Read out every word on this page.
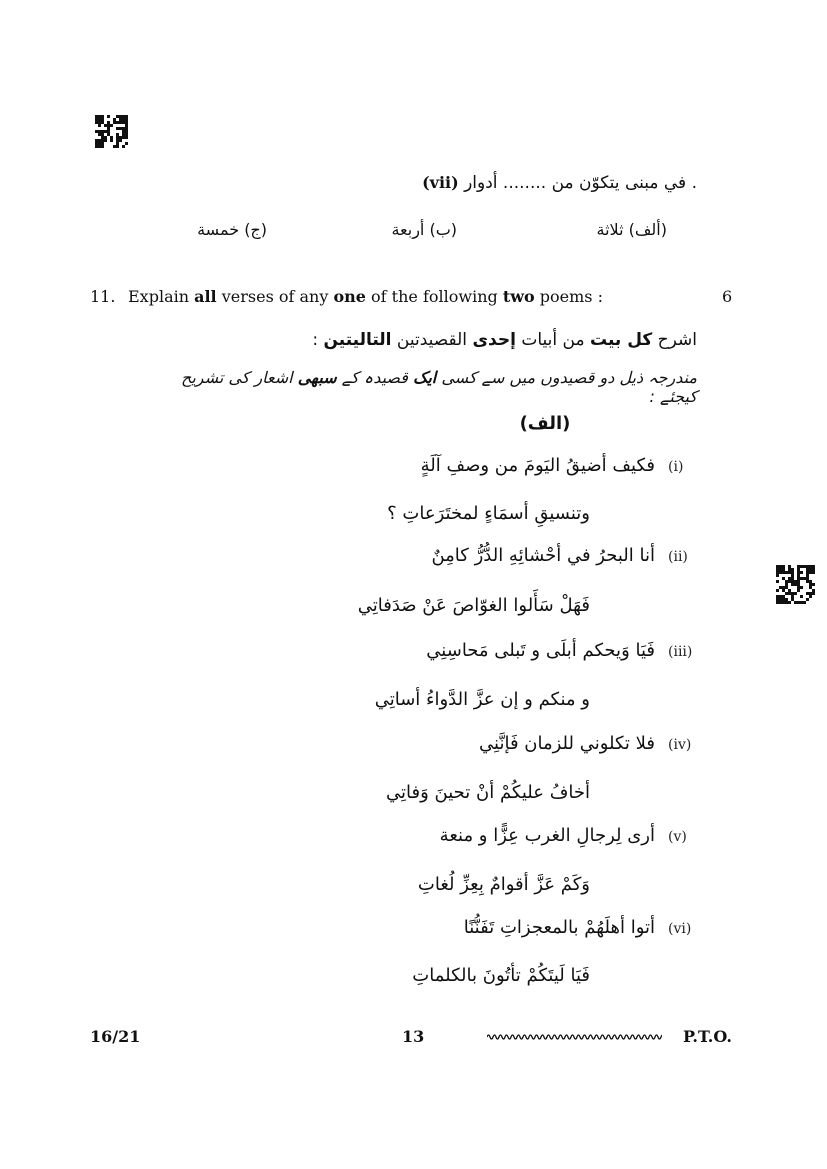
(vii) في مبنى يتكوّن من ........ أدوار .
(ألف) ثلاثة
(ب) أربعة
(ج) خمسة
11. Explain all verses of any one of the following two poems :	6
اشرح كل بيت من أبيات إحدى القصيدتين التاليتين :
مندرجہ ذیل دو قصیدوں میں سے کسی ایک قصیدہ کے سبھی اشعار کی تشریح کیجئے :
(الف)
(i)
فكيف أضيقُ اليَومَ من وصفِ آلَةٍ
وتنسيقِ أسمَاءٍ لمختَرَعاتِ ؟
(ii)
أنا البحرُ في أحْشائِهِ الدُّرُّ كامِنٌ
فَهَلْ سَأَلوا الغوّاصَ عَنْ صَدَفاتِي
(iii)
فَيَا وَيحكم أبلَى و تَبلى مَحاسِنِي
و منكم و إن عزَّ الدَّواءُ أساتِي
(iv)
فلا تكلوني للزمان فَإنَّنِي
أخافُ عليكُمْ أنْ تحينَ وَفاتِي
(v)
أرى لِرجالِ الغرب عِزًّا و منعة
وَكَمْ عَزَّ أقوامٌ بِعِزِّ لُغاتِ
(vi)
أتوا أهلَهُمْ بالمعجزاتِ تَفَنُّنًا
فَيَا لَيتَكُمْ تأتُونَ بالكلماتِ
16/21	13	P.T.O.
